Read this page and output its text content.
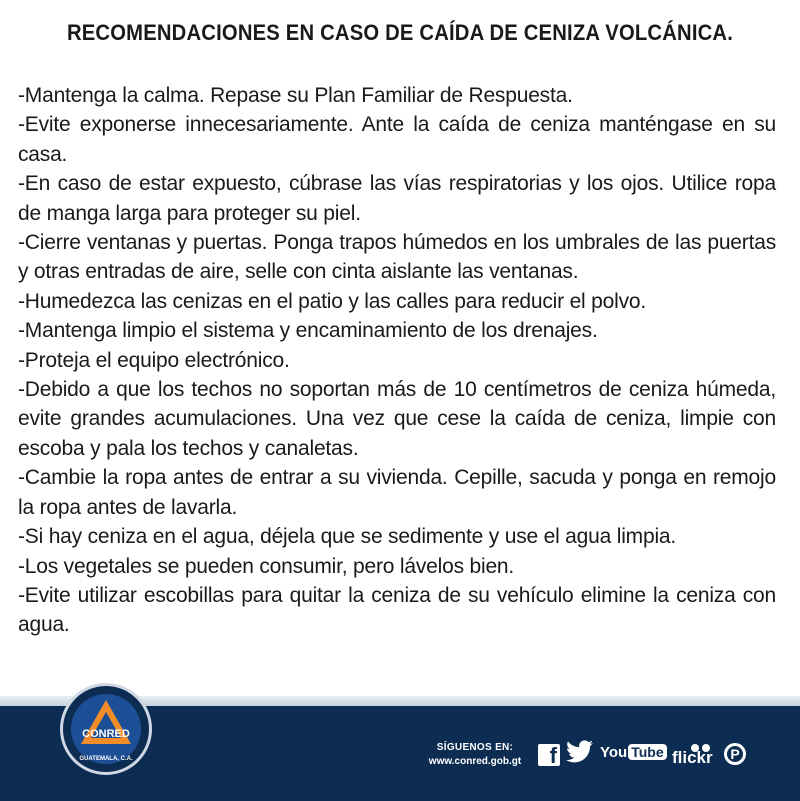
RECOMENDACIONES EN CASO DE CAÍDA DE CENIZA VOLCÁNICA.

-Mantenga la calma. Repase su Plan Familiar de Respuesta.

-Evite exponerse innecesariamente. Ante la caída de ceniza manténgase en su casa.

-En caso de estar expuesto, cúbrase las vías respiratorias y los ojos. Utilice ropa de manga larga para proteger su piel.

-Cierre ventanas y puertas. Ponga trapos húmedos en los umbrales de las puertas y otras entradas de aire, selle con cinta aislante las ventanas.

-Humedezca las cenizas en el patio y las calles para reducir el polvo.

-Mantenga limpio el sistema y encaminamiento de los drenajes.

-Proteja el equipo electrónico.

-Debido a que los techos no soportan más de 10 centímetros de ceniza húmeda, evite grandes acumulaciones. Una vez que cese la caída de ceniza, limpie con escoba y pala los techos y canaletas.

-Cambie la ropa antes de entrar a su vivienda. Cepille, sacuda y ponga en remojo la ropa antes de lavarla.

-Si hay ceniza en el agua, déjela que se sedimente y use el agua limpia.

-Los vegetales se pueden consumir, pero lávelos bien.

-Evite utilizar escobillas para quitar la ceniza de su vehículo elimine la ceniza con agua.

CONRED
GUATEMALA, C.A.
SÍGUENOS EN:
www.conred.gob.gt	f	You Tube flickr	P
